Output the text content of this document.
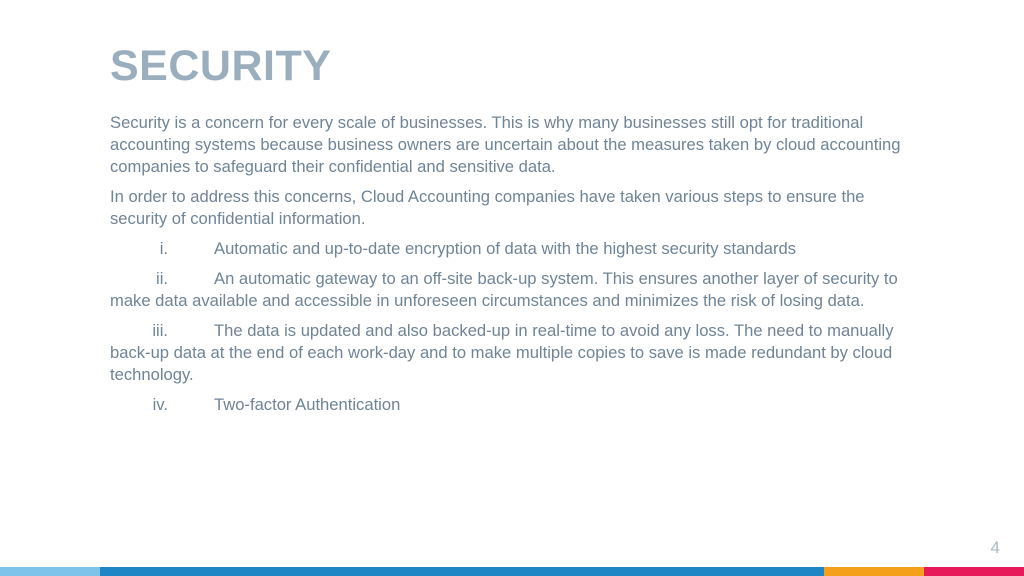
SECURITY

Security is a concern for every scale of businesses. This is why many businesses still opt for traditional accounting systems because business owners are uncertain about the measures taken by cloud accounting companies to safeguard their confidential and sensitive data.

In order to address this concerns, Cloud Accounting companies have taken various steps to ensure the security of confidential information.

i.	Automatic and up-to-date encryption of data with the highest security standards
ii.	An automatic gateway to an off-site back-up system. This ensures another layer of security to make data available and accessible in unforeseen circumstances and minimizes the risk of losing data.
iii.	The data is updated and also backed-up in real-time to avoid any loss. The need to manually back-up data at the end of each work-day and to make multiple copies to save is made redundant by cloud technology.
iv.	Two-factor Authentication
4
